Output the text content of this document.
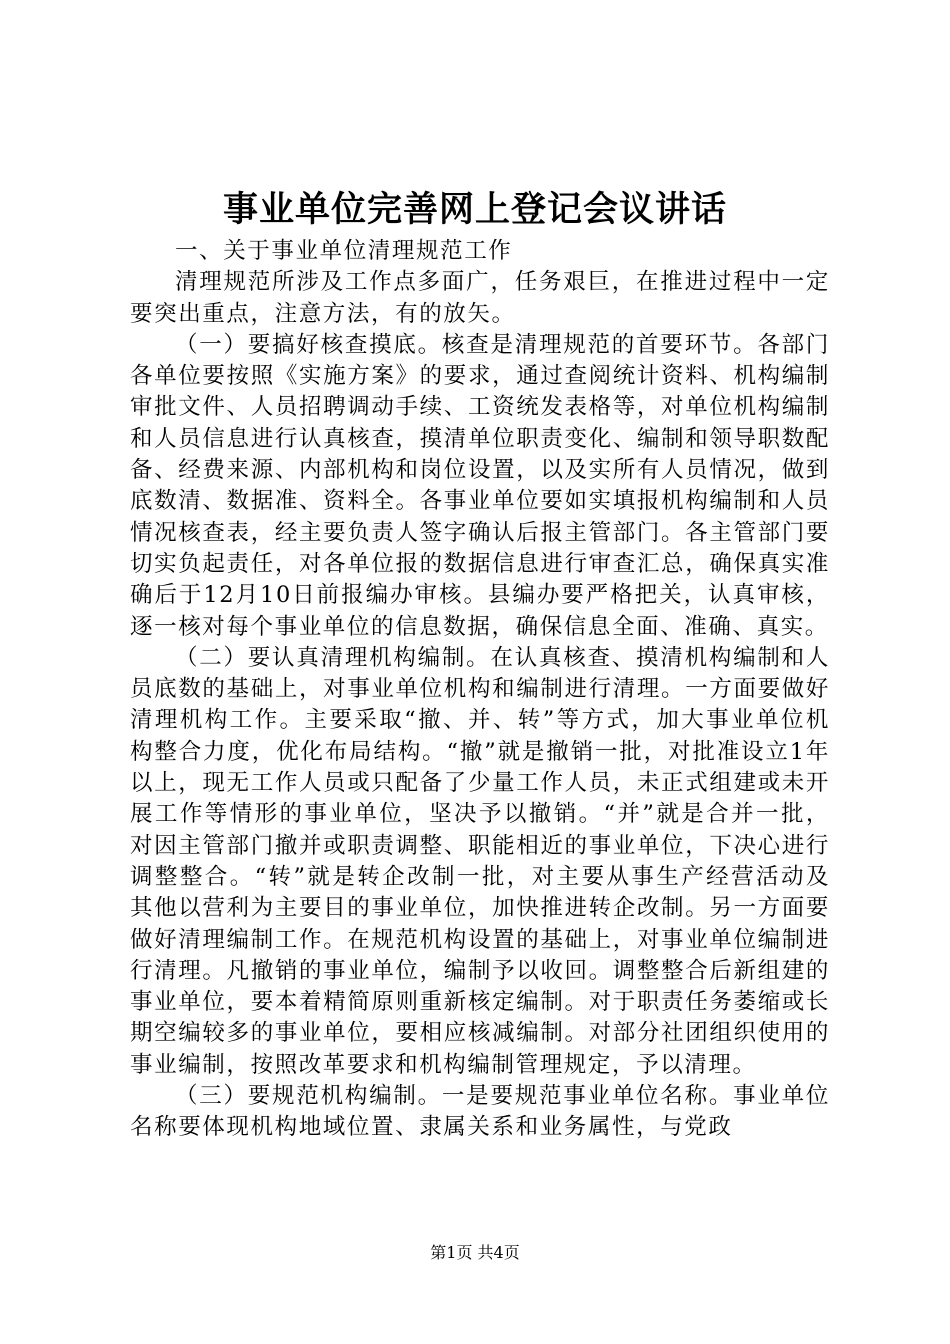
事业单位完善网上登记会议讲话

一、关于事业单位清理规范工作

清理规范所涉及工作点多面广，任务艰巨，在推进过程中一定要突出重点，注意方法，有的放矢。

（一）要搞好核查摸底。核查是清理规范的首要环节。各部门各单位要按照《实施方案》的要求，通过查阅统计资料、机构编制审批文件、人员招聘调动手续、工资统发表格等，对单位机构编制和人员信息进行认真核查，摸清单位职责变化、编制和领导职数配备、经费来源、内部机构和岗位设置，以及实所有人员情况，做到底数清、数据准、资料全。各事业单位要如实填报机构编制和人员情况核查表，经主要负责人签字确认后报主管部门。各主管部门要切实负起责任，对各单位报的数据信息进行审查汇总，确保真实准确后于12月10日前报编办审核。县编办要严格把关，认真审核，逐一核对每个事业单位的信息数据，确保信息全面、准确、真实。

（二）要认真清理机构编制。在认真核查、摸清机构编制和人员底数的基础上，对事业单位机构和编制进行清理。一方面要做好清理机构工作。主要采取“撤、并、转”等方式，加大事业单位机构整合力度，优化布局结构。“撤”就是撤销一批，对批准设立1年以上，现无工作人员或只配备了少量工作人员，未正式组建或未开展工作等情形的事业单位，坚决予以撤销。“并”就是合并一批，对因主管部门撤并或职责调整、职能相近的事业单位，下决心进行调整整合。“转”就是转企改制一批，对主要从事生产经营活动及其他以营利为主要目的事业单位，加快推进转企改制。另一方面要做好清理编制工作。在规范机构设置的基础上，对事业单位编制进行清理。凡撤销的事业单位，编制予以收回。调整整合后新组建的事业单位，要本着精简原则重新核定编制。对于职责任务萎缩或长期空编较多的事业单位，要相应核减编制。对部分社团组织使用的事业编制，按照改革要求和机构编制管理规定，予以清理。

（三）要规范机构编制。一是要规范事业单位名称。事业单位名称要体现机构地域位置、隶属关系和业务属性，与党政

第1页 共4页
